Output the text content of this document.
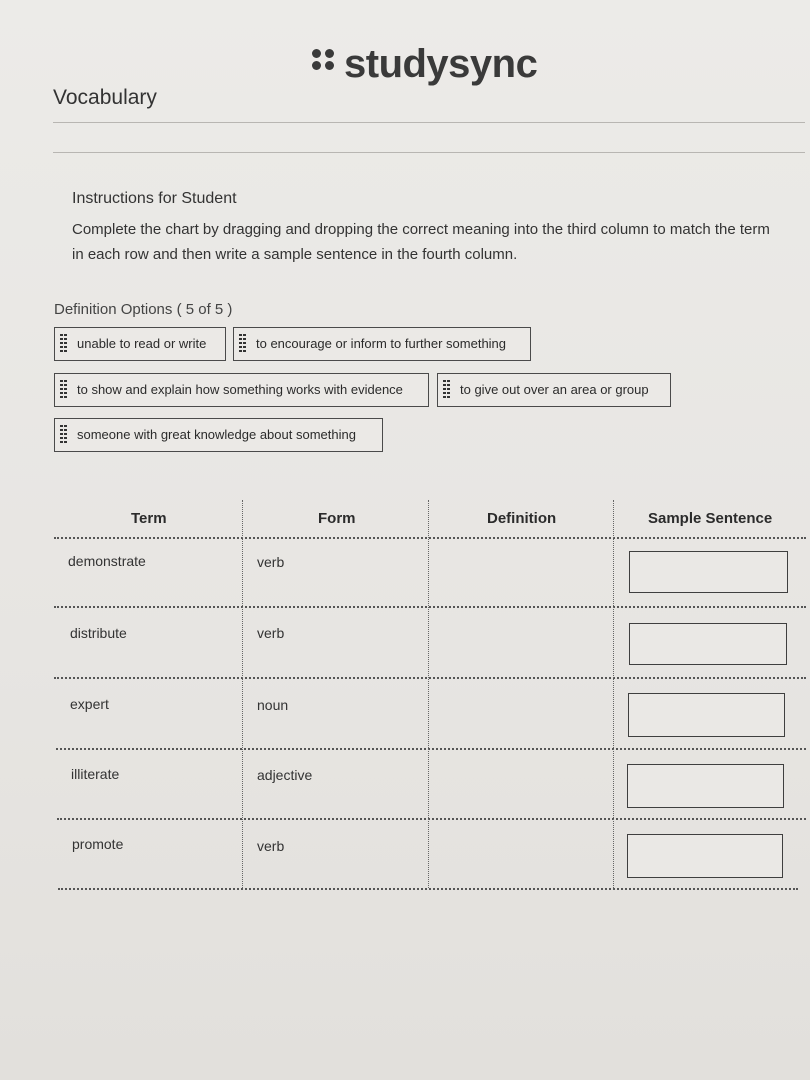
studysync
Vocabulary
Instructions for Student
Complete the chart by dragging and dropping the correct meaning into the third column to match the term in each row and then write a sample sentence in the fourth column.
Definition Options ( 5 of 5 )
unable to read or write	to encourage or inform to further something
to show and explain how something works with evidence	to give out over an area or group
someone with great knowledge about something
Term	Form	Definition	Sample Sentence
demonstrate	verb
distribute	verb
expert	noun
illiterate	adjective
promote	verb
